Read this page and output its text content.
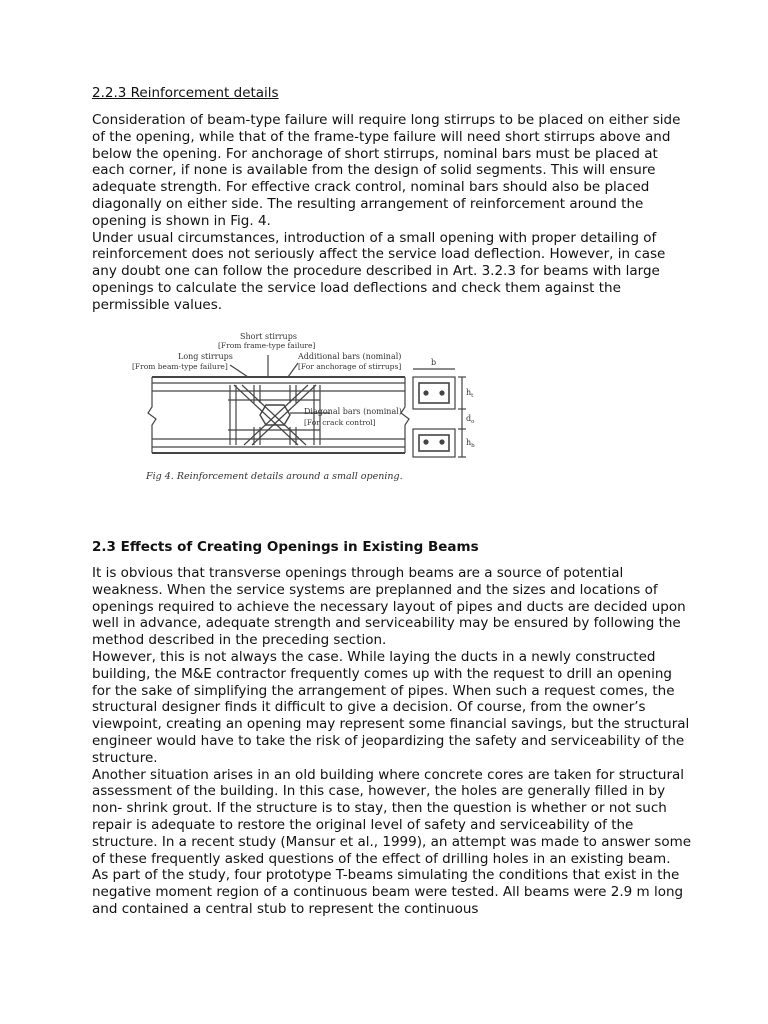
2.2.3 Reinforcement details

Consideration of beam-type failure will require long stirrups to be placed on either side of the opening, while that of the frame-type failure will need short stirrups above and below the opening. For anchorage of short stirrups, nominal bars must be placed at each corner, if none is available from the design of solid segments. This will ensure adequate strength. For effective crack control, nominal bars should also be placed diagonally on either side. The resulting arrangement of reinforcement around the opening is shown in Fig. 4.

Under usual circumstances, introduction of a small opening with proper detailing of reinforcement does not seriously affect the service load deflection. However, in case any doubt one can follow the procedure described in Art. 3.2.3 for beams with large openings to calculate the service load deflections and check them against the permissible values.

Short stirrups
[From frame-type failure]
Long stirrups
[From beam-type failure]
Additional bars (nominal)
[For anchorage of stirrups]
Diagonal bars (nominal)
[For crack control]
b
$h_t$
$d_o$
$h_b$
Fig 4. Reinforcement details around a small opening.
2.3 Effects of Creating Openings in Existing Beams

It is obvious that transverse openings through beams are a source of potential weakness. When the service systems are preplanned and the sizes and locations of openings required to achieve the necessary layout of pipes and ducts are decided upon well in advance, adequate strength and serviceability may be ensured by following the method described in the preceding section.

However, this is not always the case. While laying the ducts in a newly constructed building, the M&E contractor frequently comes up with the request to drill an opening for the sake of simplifying the arrangement of pipes. When such a request comes, the structural designer finds it difficult to give a decision. Of course, from the owner’s viewpoint, creating an opening may represent some financial savings, but the structural engineer would have to take the risk of jeopardizing the safety and serviceability of the structure.

Another situation arises in an old building where concrete cores are taken for structural assessment of the building. In this case, however, the holes are generally filled in by non- shrink grout. If the structure is to stay, then the question is whether or not such repair is adequate to restore the original level of safety and serviceability of the structure. In a recent study (Mansur et al., 1999), an attempt was made to answer some of these frequently asked questions of the effect of drilling holes in an existing beam.

As part of the study, four prototype T-beams simulating the conditions that exist in the negative moment region of a continuous beam were tested. All beams were 2.9 m long and contained a central stub to represent the continuous
